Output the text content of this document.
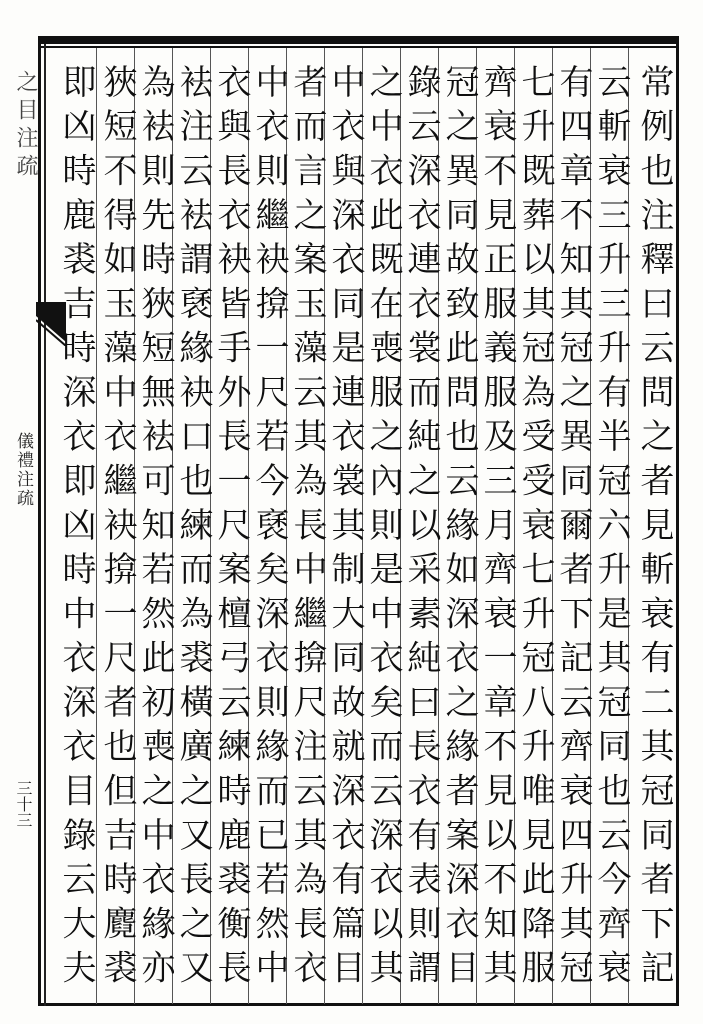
之目注疏
儀禮注疏
三十三	常例也注釋曰云問之者見斬衰有二其冠同者下記
云斬衰三升三升有半冠六升是其冠同也云今齊衰
有四章不知其冠之異同爾者下記云齊衰四升其冠
七升既葬以其冠為受受衰七升冠八升唯見此降服
齊衰不見正服義服及三月齊衰一章不見以不知其
冠之異同故致此問也云緣如深衣之緣者案深衣目
錄云深衣連衣裳而純之以采素純曰長衣有表則謂
之中衣此既在喪服之內則是中衣矣而云深衣以其
中衣與深衣同是連衣裳其制大同故就深衣有篇目
者而言之案玉藻云其為長中繼揜尺注云其為長衣
中衣則繼袂揜一尺若今褎矣深衣則緣而已若然中
衣與長衣袂皆手外長一尺案檀弓云練時鹿裘衡長
袪注云袪謂褎緣袂口也練而為裘橫廣之又長之又
為袪則先時狹短無袪可知若然此初喪之中衣緣亦
狹短不得如玉藻中衣繼袂揜一尺者也但吉時麑裘
即凶時鹿裘吉時深衣即凶時中衣深衣目錄云大夫
